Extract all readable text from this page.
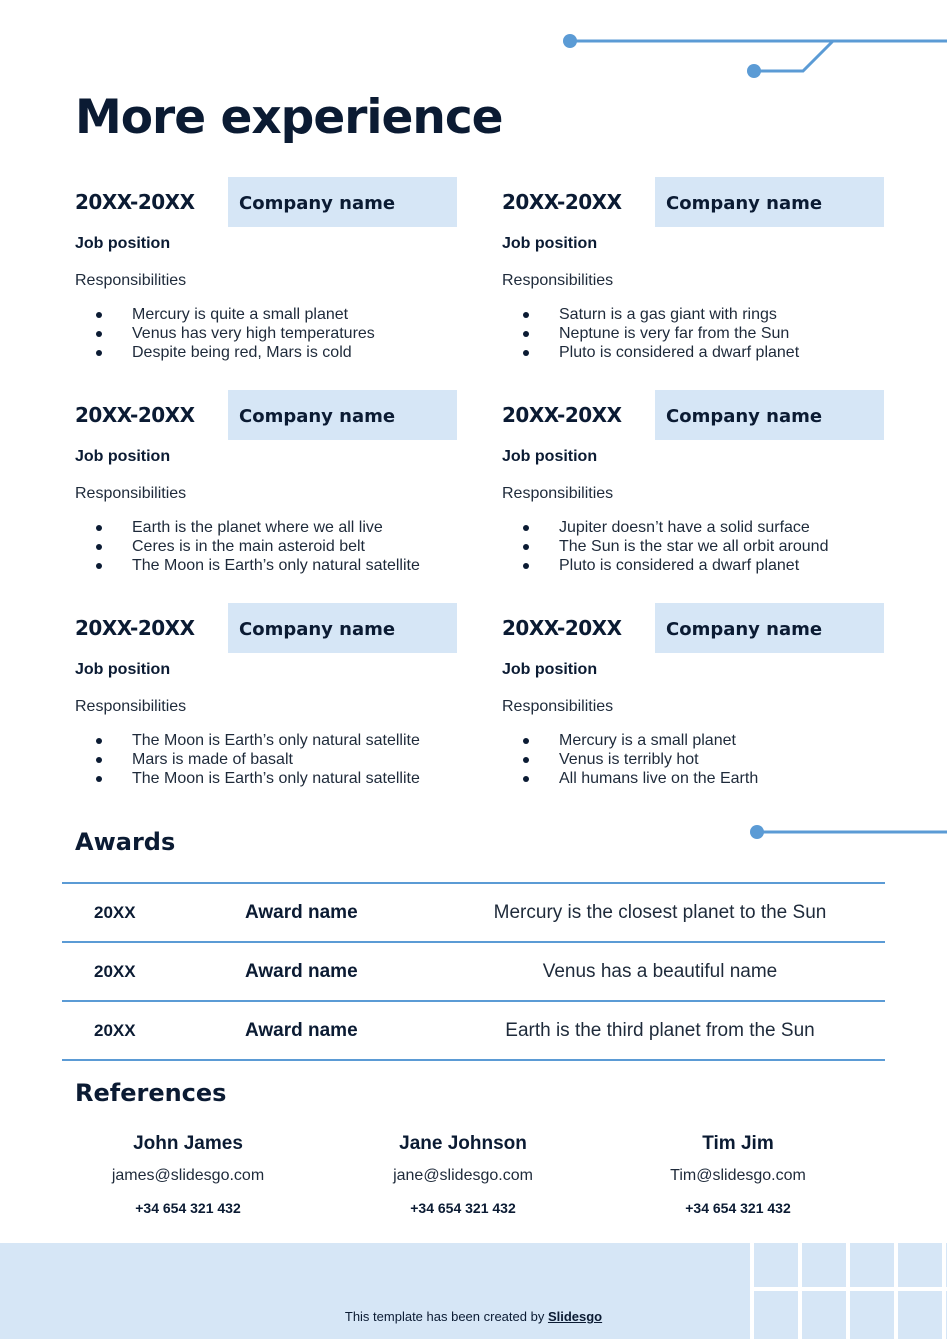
More experience
20XX-20XX	Company name
Job position
Responsibilities
Mercury is quite a small planet
Venus has very high temperatures
Despite being red, Mars is cold
20XX-20XX	Company name
Job position
Responsibilities
Saturn is a gas giant with rings
Neptune is very far from the Sun
Pluto is considered a dwarf planet
20XX-20XX	Company name
Job position
Responsibilities
Earth is the planet where we all live
Ceres is in the main asteroid belt
The Moon is Earth’s only natural satellite
20XX-20XX	Company name
Job position
Responsibilities
Jupiter doesn’t have a solid surface
The Sun is the star we all orbit around
Pluto is considered a dwarf planet
20XX-20XX	Company name
Job position
Responsibilities
The Moon is Earth’s only natural satellite
Mars is made of basalt
The Moon is Earth’s only natural satellite
20XX-20XX	Company name
Job position
Responsibilities
Mercury is a small planet
Venus is terribly hot
All humans live on the Earth
Awards
20XX	Award name	Mercury is the closest planet to the Sun
20XX	Award name	Venus has a beautiful name
20XX	Award name	Earth is the third planet from the Sun
References
John James
james@slidesgo.com
+34 654 321 432
Jane Johnson
jane@slidesgo.com
+34 654 321 432
Tim Jim
Tim@slidesgo.com
+34 654 321 432
This template has been created by Slidesgo
